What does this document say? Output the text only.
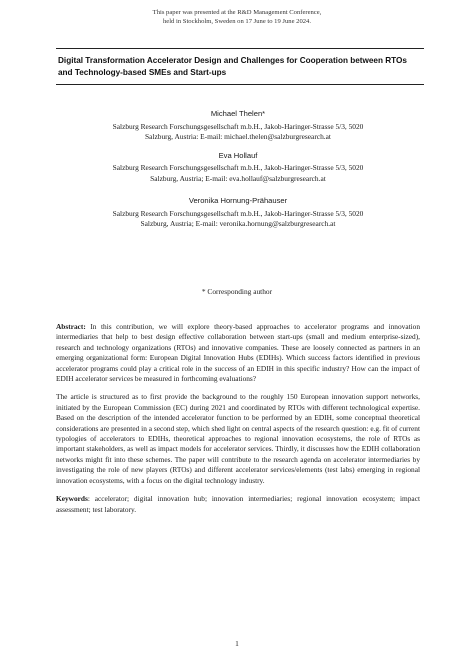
This paper was presented at the R&D Management Conference,
held in Stockholm, Sweden on 17 June to 19 June 2024.
Digital Transformation Accelerator Design and Challenges for Cooperation between RTOs and Technology-based SMEs and Start-ups
Michael Thelen*
Salzburg Research Forschungsgesellschaft m.b.H., Jakob-Haringer-Strasse 5/3, 5020
Salzburg, Austria: E-mail: michael.thelen@salzburgresearch.at
Eva Hollauf
Salzburg Research Forschungsgesellschaft m.b.H., Jakob-Haringer-Strasse 5/3, 5020
Salzburg, Austria; E-mail: eva.hollauf@salzburgresearch.at
Veronika Hornung-Prähauser
Salzburg Research Forschungsgesellschaft m.b.H., Jakob-Haringer-Strasse 5/3, 5020
Salzburg, Austria; E-mail: veronika.hornung@salzburgresearch.at
* Corresponding author

Abstract: In this contribution, we will explore theory-based approaches to accelerator programs and innovation intermediaries that help to best design effective collaboration between start-ups (small and medium enterprise-sized), research and technology organizations (RTOs) and innovative companies. These are loosely connected as partners in an emerging organizational form: European Digital Innovation Hubs (EDIHs). Which success factors identified in previous accelerator programs could play a critical role in the success of an EDIH in this specific industry? How can the impact of EDIH accelerator services be measured in forthcoming evaluations?

The article is structured as to first provide the background to the roughly 150 European innovation support networks, initiated by the European Commission (EC) during 2021 and coordinated by RTOs with different technological expertise. Based on the description of the intended accelerator function to be performed by an EDIH, some conceptual theoretical considerations are presented in a second step, which shed light on central aspects of the research question: e.g. fit of current typologies of accelerators to EDIHs, theoretical approaches to regional innovation ecosystems, the role of RTOs as important stakeholders, as well as impact models for accelerator services. Thirdly, it discusses how the EDIH collaboration networks might fit into these schemes. The paper will contribute to the research agenda on accelerator intermediaries by investigating the role of new players (RTOs) and different accelerator services/elements (test labs) emerging in regional innovation ecosystems, with a focus on the digital technology industry.

Keywords: accelerator; digital innovation hub; innovation intermediaries; regional innovation ecosystem; impact assessment; test laboratory.

1
